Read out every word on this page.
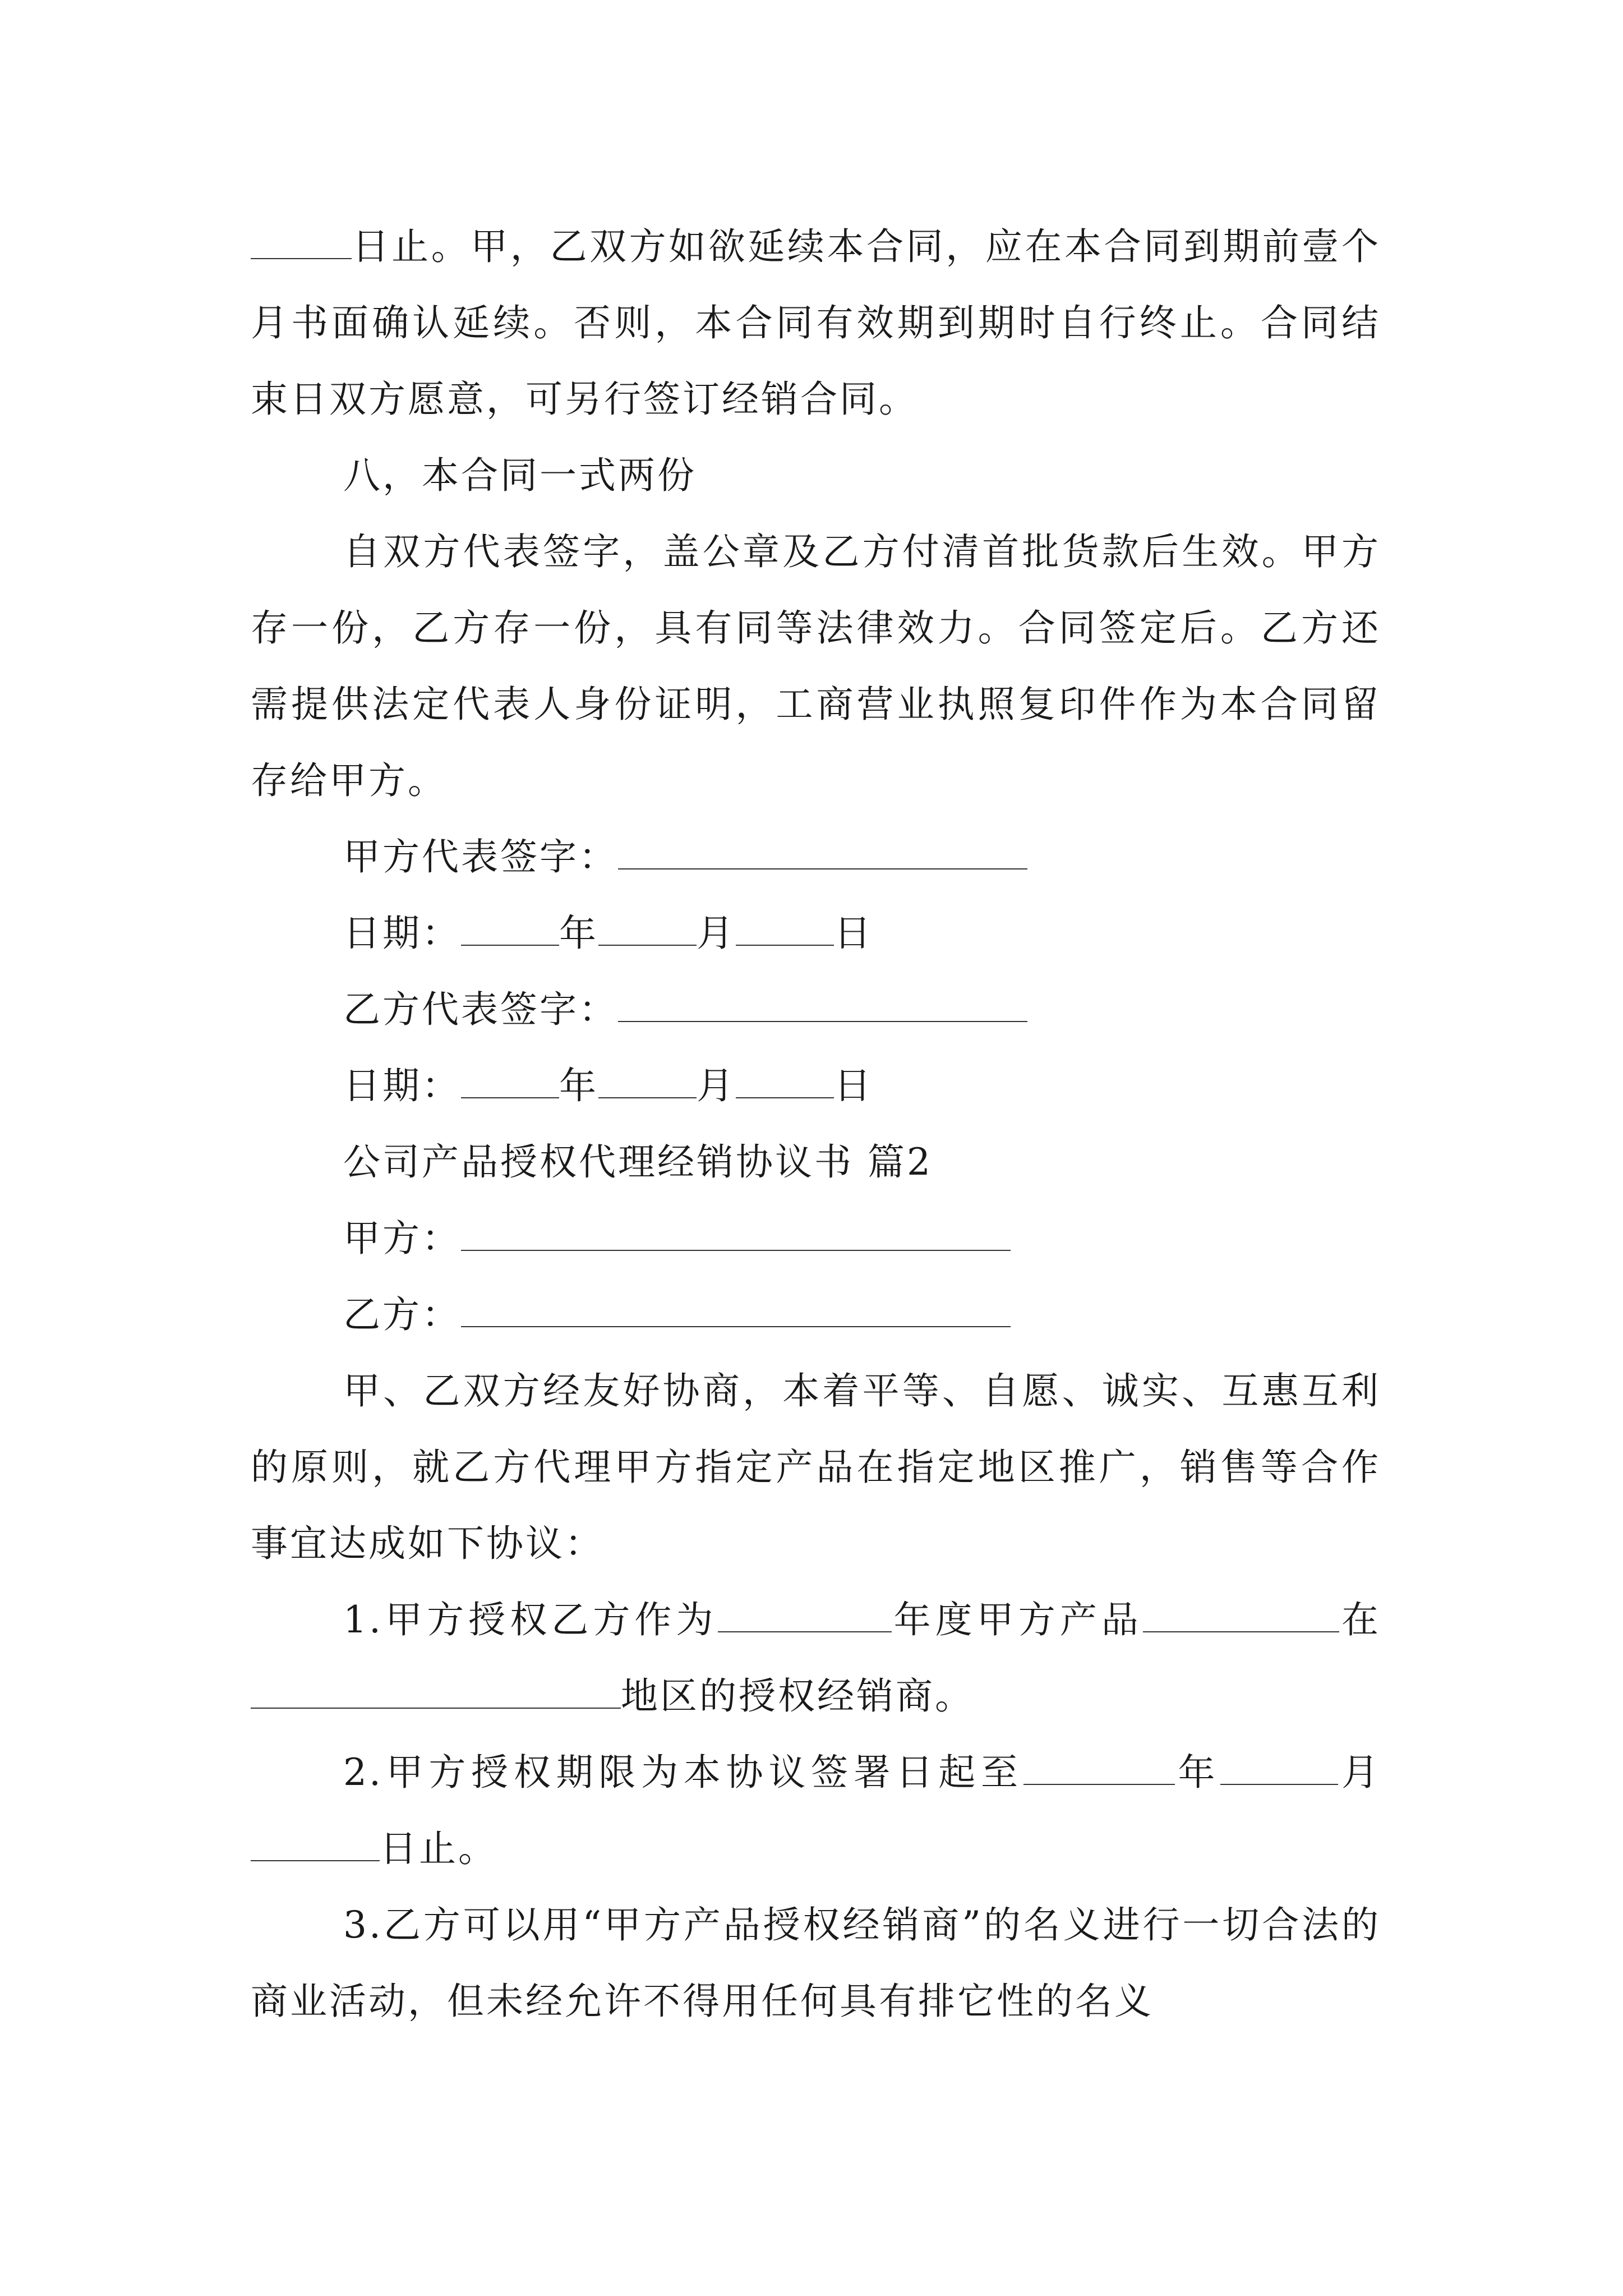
日止。甲，乙双方如欲延续本合同，应在本合同到期前壹个月书面确认延续。否则，本合同有效期到期时自行终止。合同结束日双方愿意，可另行签订经销合同。

八，本合同一式两份

自双方代表签字，盖公章及乙方付清首批货款后生效。甲方存一份，乙方存一份，具有同等法律效力。合同签定后。乙方还需提供法定代表人身份证明，工商营业执照复印件作为本合同留存给甲方。

甲方代表签字：

日期：	年	月	日

乙方代表签字：

日期：	年	月	日

公司产品授权代理经销协议书 篇2

甲方：

乙方：

甲、乙双方经友好协商，本着平等、自愿、诚实、互惠互利的原则，就乙方代理甲方指定产品在指定地区推广，销售等合作事宜达成如下协议：

1.甲方授权乙方作为	年度甲方产品	在地区的授权经销商。

2.甲方授权期限为本协议签署日起至	年	月日止。

3.乙方可以用“甲方产品授权经销商”的名义进行一切合法的商业活动，但未经允许不得用任何具有排它性的名义
